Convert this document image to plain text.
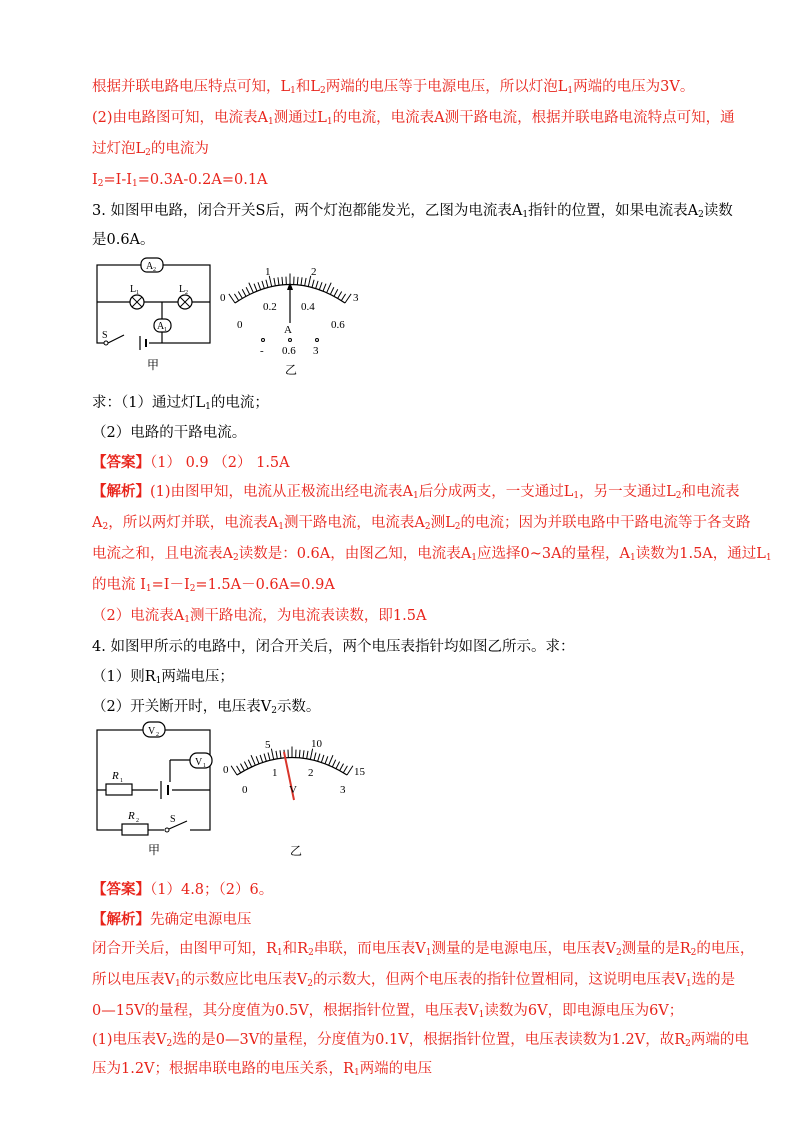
根据并联电路电压特点可知，$L_1$和$L_2$两端的电压等于电源电压，所以灯泡$L_1$两端的电压为3V。
(2)由电路图可知，电流表$A_1$测通过$L_1$的电流，电流表A测干路电流，根据并联电路电流特点可知，通
过灯泡$L_2$的电流为
$I_2=I-I_1=0.3A-0.2A=0.1A$
3. 如图甲电路，闭合开关S后，两个灯泡都能发光，乙图为电流表$A_1$指针的位置，如果电流表$A_2$读数
是0.6A。
A 2
L 1	L 2
A 1
S
甲
0
1	2
3
0
0.2 0.4
0.6
A
- 0.6 3
乙
求：（1）通过灯$L_1$的电流；
（2）电路的干路电流。
【答案】（1） 0.9 （2） 1.5A
【解析】(1)由图甲知，电流从正极流出经电流表$A_1$后分成两支，一支通过$L_1$，另一支通过$L_2$和电流表
$A_2$，所以两灯并联，电流表$A_1$测干路电流，电流表$A_2$测$L_2$的电流；因为并联电路中干路电流等于各支路
电流之和，且电流表$A_2$读数是：0.6A，由图乙知，电流表$A_1$应选择0~3A的量程，$A_1$读数为1.5A，通过$L_1$
的电流 $I_1=I-I_2=1.5A-0.6A=0.9A$
（2）电流表$A_1$测干路电流，为电流表读数，即1.5A
4. 如图甲所示的电路中，闭合开关后，两个电压表指针均如图乙所示。求：
（1）则$R_1$两端电压；
（2）开关断开时，电压表$V_2$示数。
V 2
V 1
R 1
R 2	S
甲
0
5	10
15
0
1	2
3
V
乙
【答案】（1）4.8；（2）6。
【解析】先确定电源电压
闭合开关后，由图甲可知，$R_1$和$R_2$串联，而电压表$V_1$测量的是电源电压，电压表$V_2$测量的是$R_2$的电压，
所以电压表$V_1$的示数应比电压表$V_2$的示数大，但两个电压表的指针位置相同，这说明电压表$V_1$选的是
0—15V的量程，其分度值为0.5V，根据指针位置，电压表$V_1$读数为6V，即电源电压为6V；
(1)电压表$V_2$选的是0—3V的量程，分度值为0.1V，根据指针位置，电压表读数为1.2V，故$R_2$两端的电
压为1.2V；根据串联电路的电压关系，$R_1$两端的电压
